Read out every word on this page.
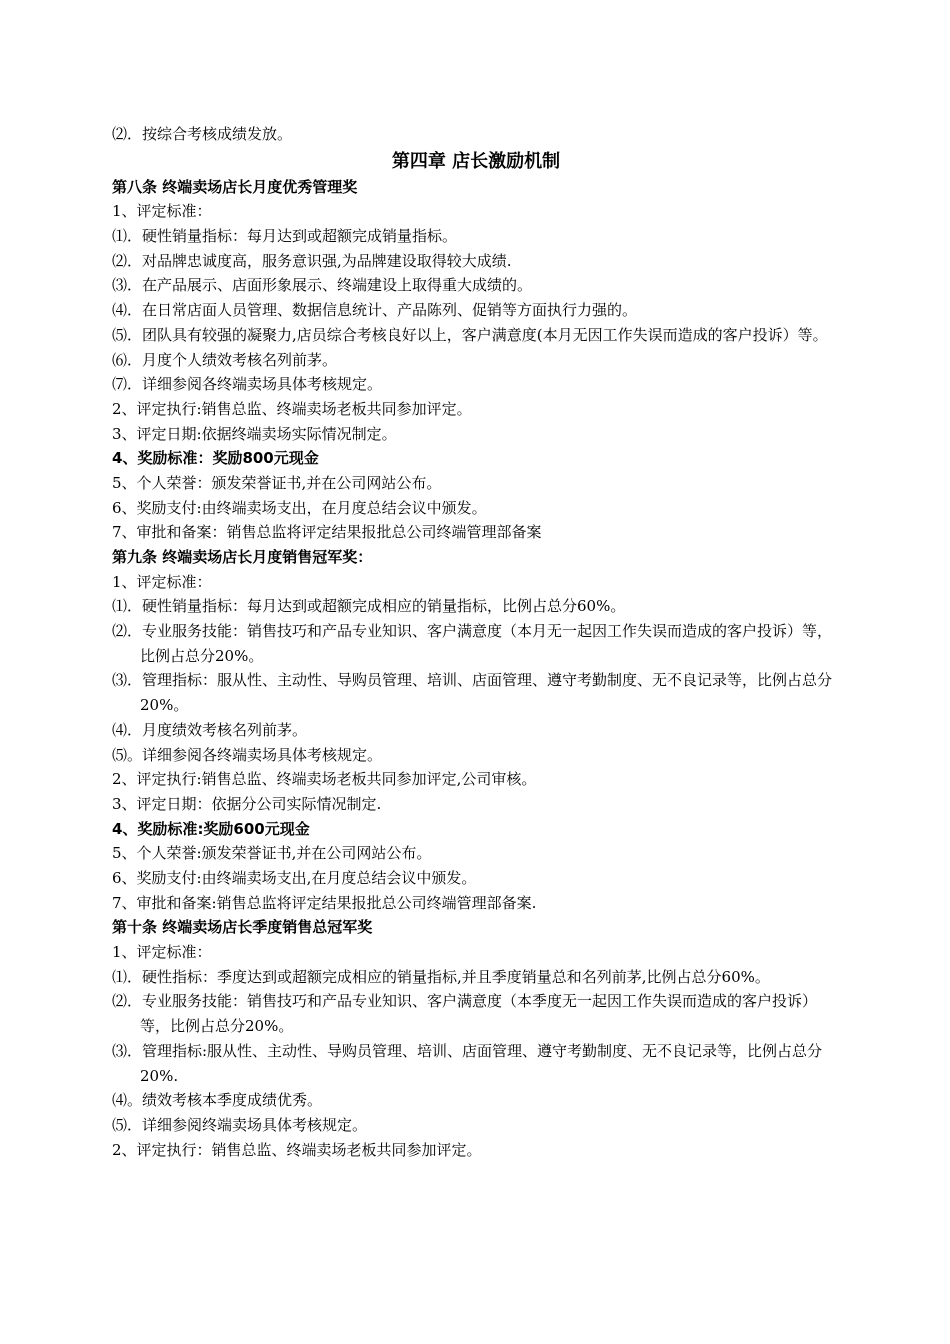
⑵．按综合考核成绩发放。
第四章 店长激励机制
第八条 终端卖场店长月度优秀管理奖
1、评定标准：
⑴．硬性销量指标：每月达到或超额完成销量指标。
⑵．对品牌忠诚度高，服务意识强,为品牌建设取得较大成绩.
⑶．在产品展示、店面形象展示、终端建设上取得重大成绩的。
⑷．在日常店面人员管理、数据信息统计、产品陈列、促销等方面执行力强的。
⑸．团队具有较强的凝聚力,店员综合考核良好以上，客户满意度(本月无因工作失误而造成的客户投诉）等。
⑹．月度个人绩效考核名列前茅。
⑺．详细参阅各终端卖场具体考核规定。
2、评定执行:销售总监、终端卖场老板共同参加评定。
3、评定日期:依据终端卖场实际情况制定。
4、奖励标准：奖励800元现金
5、个人荣誉：颁发荣誉证书,并在公司网站公布。
6、奖励支付:由终端卖场支出，在月度总结会议中颁发。
7、审批和备案：销售总监将评定结果报批总公司终端管理部备案
第九条 终端卖场店长月度销售冠军奖：
1、评定标准：
⑴．硬性销量指标：每月达到或超额完成相应的销量指标，比例占总分60%。
⑵．专业服务技能：销售技巧和产品专业知识、客户满意度（本月无一起因工作失误而造成的客户投诉）等，比例占总分20%。
⑶．管理指标：服从性、主动性、导购员管理、培训、店面管理、遵守考勤制度、无不良记录等，比例占总分20%。
⑷．月度绩效考核名列前茅。
⑸。详细参阅各终端卖场具体考核规定。
2、评定执行:销售总监、终端卖场老板共同参加评定,公司审核。
3、评定日期：依据分公司实际情况制定.
4、奖励标准:奖励600元现金
5、个人荣誉:颁发荣誉证书,并在公司网站公布。
6、奖励支付:由终端卖场支出,在月度总结会议中颁发。
7、审批和备案:销售总监将评定结果报批总公司终端管理部备案.
第十条 终端卖场店长季度销售总冠军奖
1、评定标准：
⑴．硬性指标：季度达到或超额完成相应的销量指标,并且季度销量总和名列前茅,比例占总分60%。
⑵．专业服务技能：销售技巧和产品专业知识、客户满意度（本季度无一起因工作失误而造成的客户投诉）等，比例占总分20%。
⑶．管理指标:服从性、主动性、导购员管理、培训、店面管理、遵守考勤制度、无不良记录等，比例占总分20%.
⑷。绩效考核本季度成绩优秀。
⑸．详细参阅终端卖场具体考核规定。
2、评定执行：销售总监、终端卖场老板共同参加评定。
